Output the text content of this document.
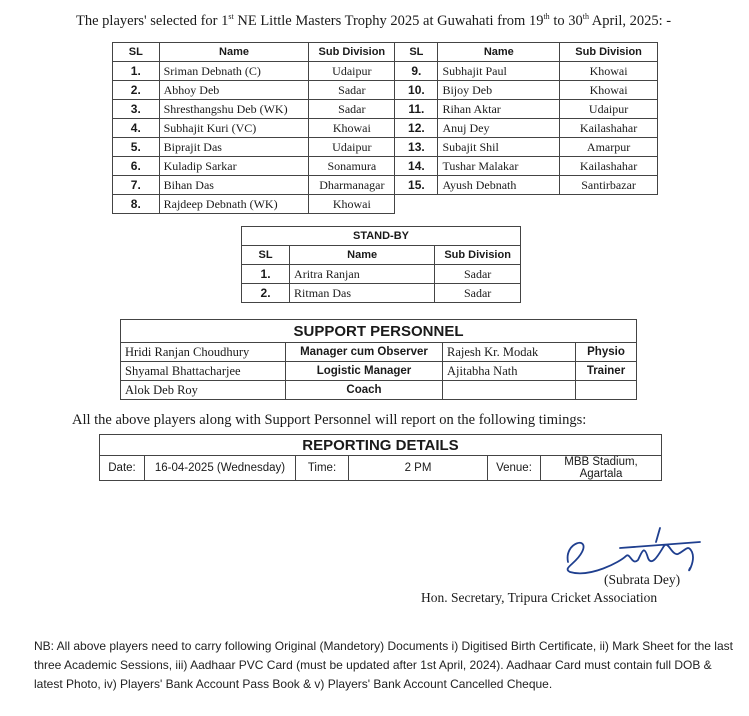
The players' selected for 1st NE Little Masters Trophy 2025 at Guwahati from 19th to 30th April, 2025: -
SL	Name	Sub Division	SL	Name	Sub Division
1.	Sriman Debnath (C)	Udaipur	9.	Subhajit Paul	Khowai
2.	Abhoy Deb	Sadar	10.	Bijoy Deb	Khowai
3.	Shresthangshu Deb (WK)	Sadar	11.	Rihan Aktar	Udaipur
4.	Subhajit Kuri (VC)	Khowai	12.	Anuj Dey	Kailashahar
5.	Biprajit Das	Udaipur	13.	Subajit Shil	Amarpur
6.	Kuladip Sarkar	Sonamura	14.	Tushar Malakar	Kailashahar
7.	Bihan Das	Dharmanagar	15.	Ayush Debnath	Santirbazar
8.	Rajdeep Debnath (WK)	Khowai			
STAND-BY		
SL	Name	Sub Division
1.	Aritra Ranjan	Sadar
2.	Ritman Das	Sadar
SUPPORT PERSONNEL			
Hridi Ranjan Choudhury	Manager cum Observer	Rajesh Kr. Modak	Physio
Shyamal Bhattacharjee	Logistic Manager	Ajitabha Nath	Trainer
Alok Deb Roy	Coach		
All the above players along with Support Personnel will report on the following timings:
REPORTING DETAILS
Date:	16-04-2025 (Wednesday)	Time:	2 PM	Venue:	MBB Stadium, Agartala
(Subrata Dey)
Hon. Secretary, Tripura Cricket Association
NB: All above players need to carry following Original (Mandetory) Documents i) Digitised Birth Certificate, ii) Mark Sheet for the last three Academic Sessions, iii) Aadhaar PVC Card (must be updated after 1st April, 2024). Aadhaar Card must contain full DOB & latest Photo, iv) Players' Bank Account Pass Book & v) Players' Bank Account Cancelled Cheque.
